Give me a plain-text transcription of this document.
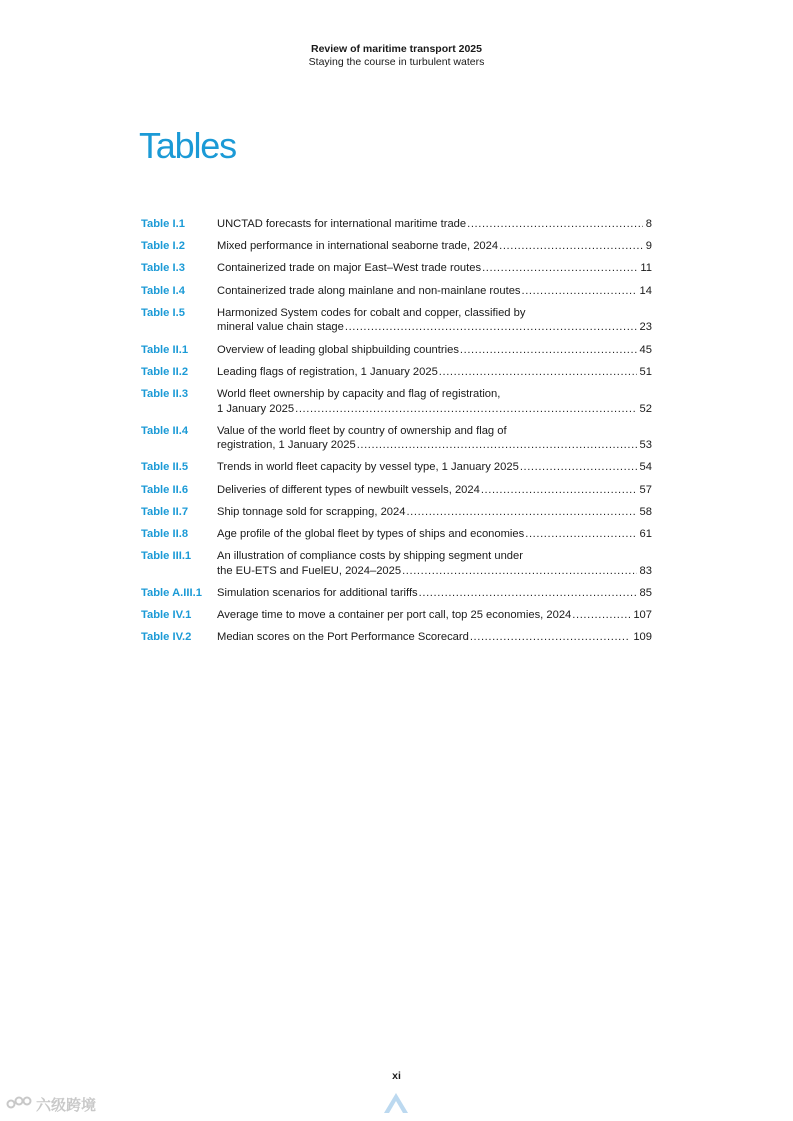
Review of maritime transport 2025
Staying the course in turbulent waters
Tables
Table I.1	UNCTAD forecasts for international maritime trade .....	8
Table I.2	Mixed performance in international seaborne trade, 2024 .....	9
Table I.3	Containerized trade on major East–West trade routes .....	11
Table I.4	Containerized trade along mainlane and non-mainlane routes .....	14
Table I.5	Harmonized System codes for cobalt and copper, classified by
mineral value chain stage .....	23
Table II.1	Overview of leading global shipbuilding countries .....	45
Table II.2	Leading flags of registration, 1 January 2025 .....	51
Table II.3	World fleet ownership by capacity and flag of registration,
1 January 2025 .....	52
Table II.4	Value of the world fleet by country of ownership and flag of
registration, 1 January 2025 .....	53
Table II.5	Trends in world fleet capacity by vessel type, 1 January 2025 .....	54
Table II.6	Deliveries of different types of newbuilt vessels, 2024 .....	57
Table II.7	Ship tonnage sold for scrapping, 2024 .....	58
Table II.8	Age profile of the global fleet by types of ships and economies .....	61
Table III.1	An illustration of compliance costs by shipping segment under
the EU-ETS and FuelEU, 2024–2025 .....	83
Table A.III.1	Simulation scenarios for additional tariffs .....	85
Table IV.1	Average time to move a container per port call, top 25 economies, 2024 .....	107
Table IV.2	Median scores on the Port Performance Scorecard .....	109
xi
六级跨境
